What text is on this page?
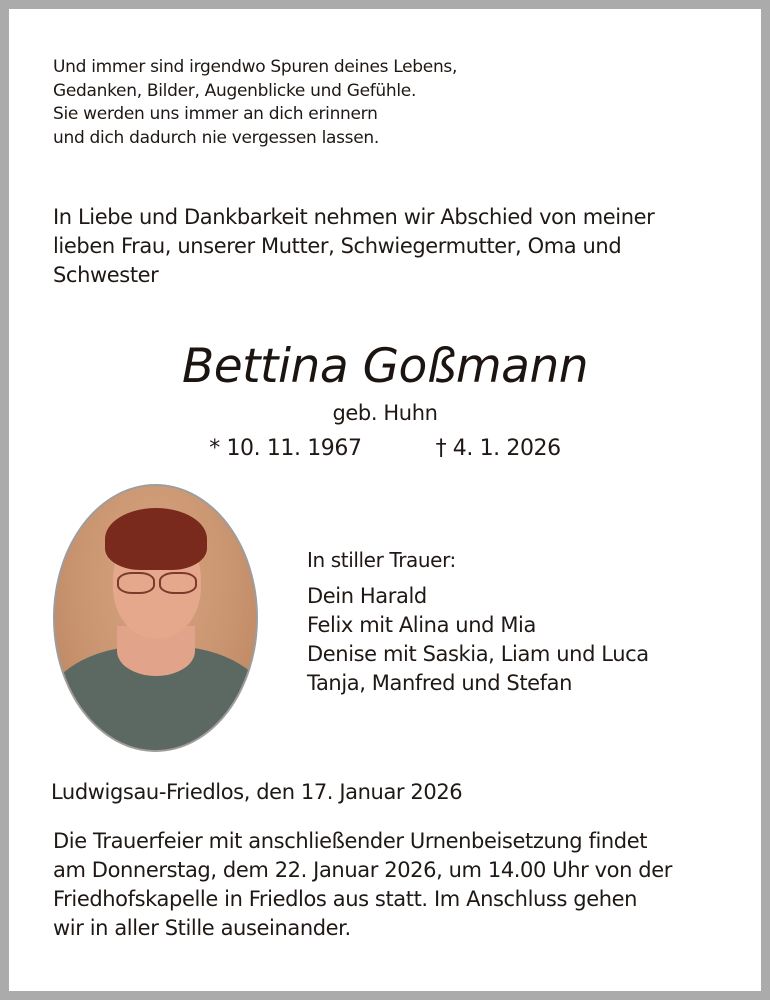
Und immer sind irgendwo Spuren deines Lebens,
Gedanken, Bilder, Augenblicke und Gefühle.
Sie werden uns immer an dich erinnern
und dich dadurch nie vergessen lassen.
In Liebe und Dankbarkeit nehmen wir Abschied von meiner
lieben Frau, unserer Mutter, Schwiegermutter, Oma und
Schwester
Bettina Goßmann
geb. Huhn
* 10. 11. 1967	† 4. 1. 2026
In stiller Trauer:
Dein Harald
Felix mit Alina und Mia
Denise mit Saskia, Liam und Luca
Tanja, Manfred und Stefan
Ludwigsau-Friedlos, den 17. Januar 2026
Die Trauerfeier mit anschließender Urnenbeisetzung findet
am Donnerstag, dem 22. Januar 2026, um 14.00 Uhr von der
Friedhofskapelle in Friedlos aus statt. Im Anschluss gehen
wir in aller Stille auseinander.
